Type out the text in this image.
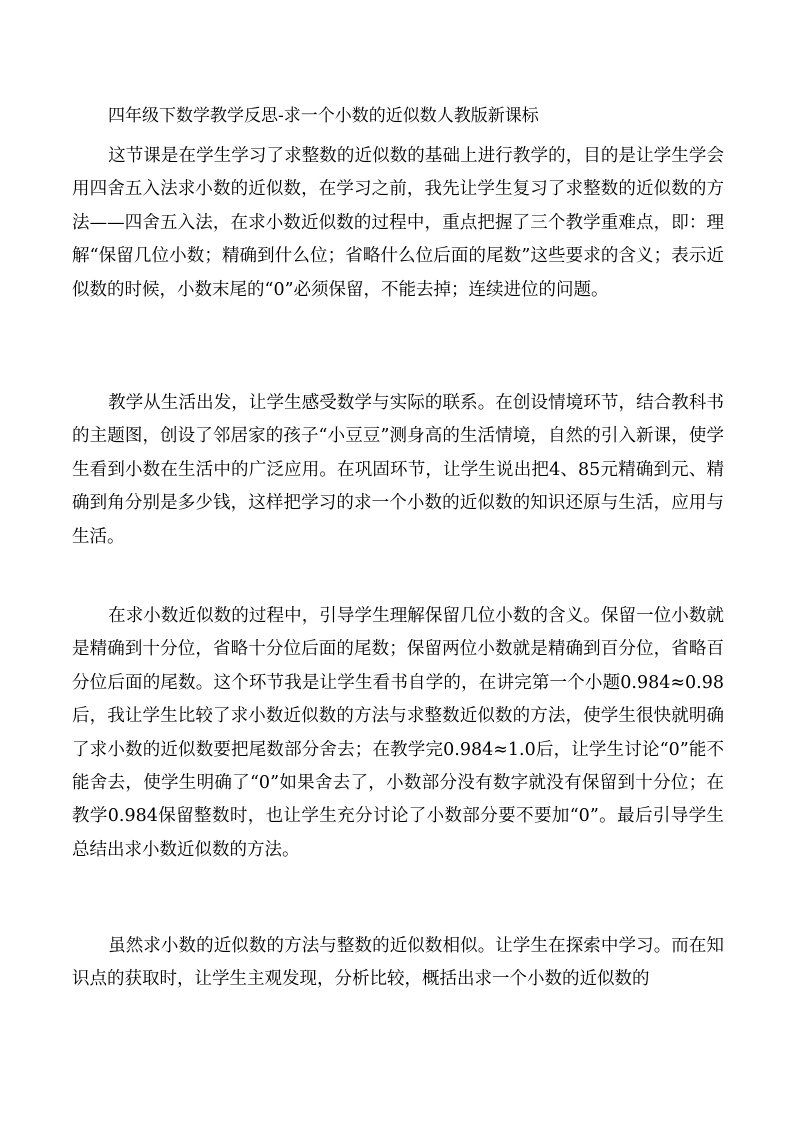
四年级下数学教学反思-求一个小数的近似数人教版新课标

这节课是在学生学习了求整数的近似数的基础上进行教学的，目的是让学生学会用四舍五入法求小数的近似数，在学习之前，我先让学生复习了求整数的近似数的方法——四舍五入法，在求小数近似数的过程中，重点把握了三个教学重难点，即：理解“保留几位小数；精确到什么位；省略什么位后面的尾数”这些要求的含义；表示近似数的时候，小数末尾的“0”必须保留，不能去掉；连续进位的问题。

教学从生活出发，让学生感受数学与实际的联系。在创设情境环节，结合教科书的主题图，创设了邻居家的孩子“小豆豆”测身高的生活情境，自然的引入新课，使学生看到小数在生活中的广泛应用。在巩固环节，让学生说出把4、85元精确到元、精确到角分别是多少钱，这样把学习的求一个小数的近似数的知识还原与生活，应用与生活。

在求小数近似数的过程中，引导学生理解保留几位小数的含义。保留一位小数就是精确到十分位，省略十分位后面的尾数；保留两位小数就是精确到百分位，省略百分位后面的尾数。这个环节我是让学生看书自学的，在讲完第一个小题0.984≈0.98后，我让学生比较了求小数近似数的方法与求整数近似数的方法，使学生很快就明确了求小数的近似数要把尾数部分舍去；在教学完0.984≈1.0后，让学生讨论“0”能不能舍去，使学生明确了“0”如果舍去了，小数部分没有数字就没有保留到十分位；在教学0.984保留整数时，也让学生充分讨论了小数部分要不要加“0”。最后引导学生总结出求小数近似数的方法。

虽然求小数的近似数的方法与整数的近似数相似。让学生在探索中学习。而在知识点的获取时，让学生主观发现，分析比较，概括出求一个小数的近似数的
